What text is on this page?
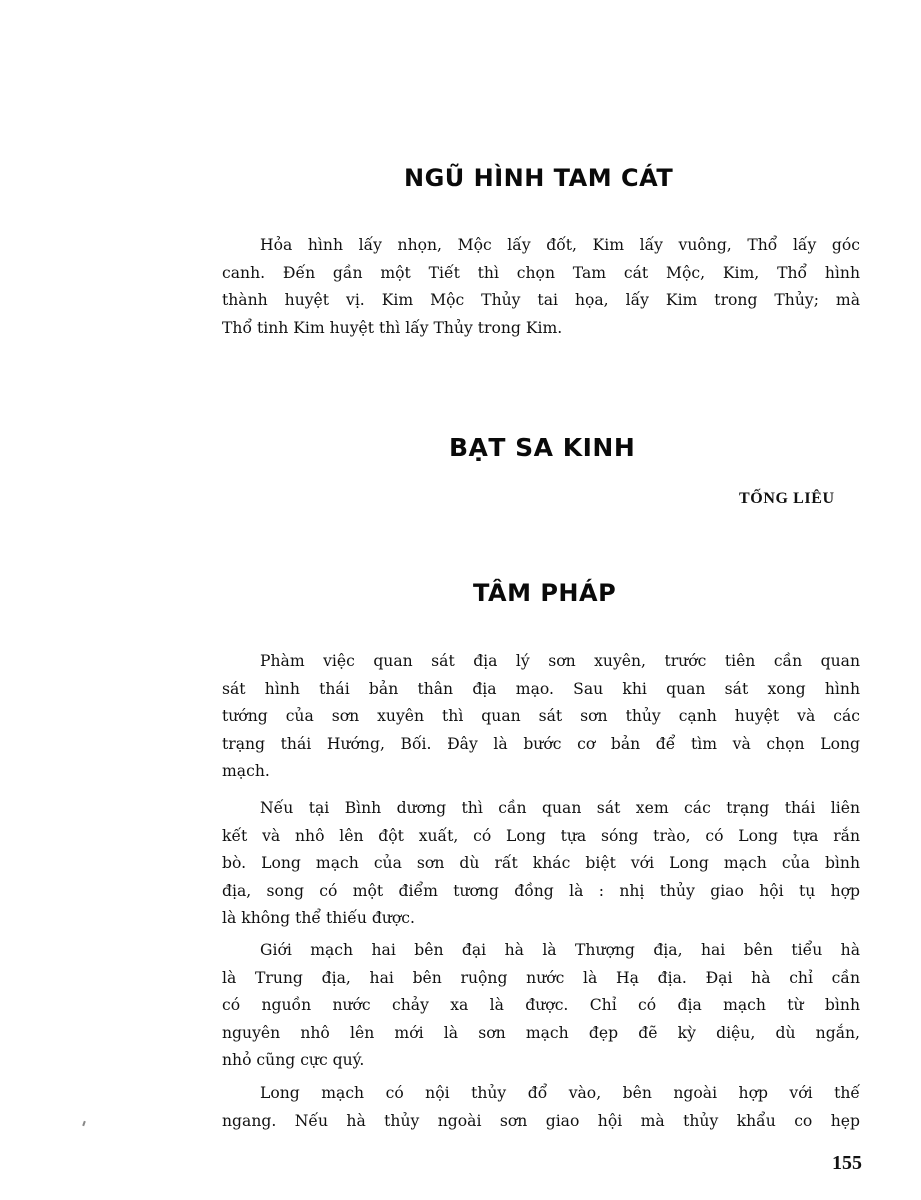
NGŨ HÌNH TAM CÁT
Hỏa hình lấy nhọn, Mộc lấy đốt, Kim lấy vuông, Thổ lấy góc
canh. Đến gần một Tiết thì chọn Tam cát Mộc, Kim, Thổ hình
thành huyệt vị. Kim Mộc Thủy tai họa, lấy Kim trong Thủy; mà
Thổ tinh Kim huyệt thì lấy Thủy trong Kim.
BẠT SA KINH
TỐNG LIÊU
TÂM PHÁP
Phàm việc quan sát địa lý sơn xuyên, trước tiên cần quan
sát hình thái bản thân địa mạo. Sau khi quan sát xong hình
tướng của sơn xuyên thì quan sát sơn thủy cạnh huyệt và các
trạng thái Hướng, Bối. Đây là bước cơ bản để tìm và chọn Long
mạch.
Nếu tại Bình dương thì cần quan sát xem các trạng thái liên
kết và nhô lên đột xuất, có Long tựa sóng trào, có Long tựa rắn
bò. Long mạch của sơn dù rất khác biệt với Long mạch của bình
địa, song có một điểm tương đồng là : nhị thủy giao hội tụ hợp
là không thể thiếu được.
Giới mạch hai bên đại hà là Thượng địa, hai bên tiểu hà
là Trung địa, hai bên ruộng nước là Hạ địa. Đại hà chỉ cần
có nguồn nước chảy xa là được. Chỉ có địa mạch từ bình
nguyên nhô lên mới là sơn mạch đẹp đẽ kỳ diệu, dù ngắn,
nhỏ cũng cực quý.
Long mạch có nội thủy đổ vào, bên ngoài hợp với thế
ngang. Nếu hà thủy ngoài sơn giao hội mà thủy khẩu co hẹp
155
